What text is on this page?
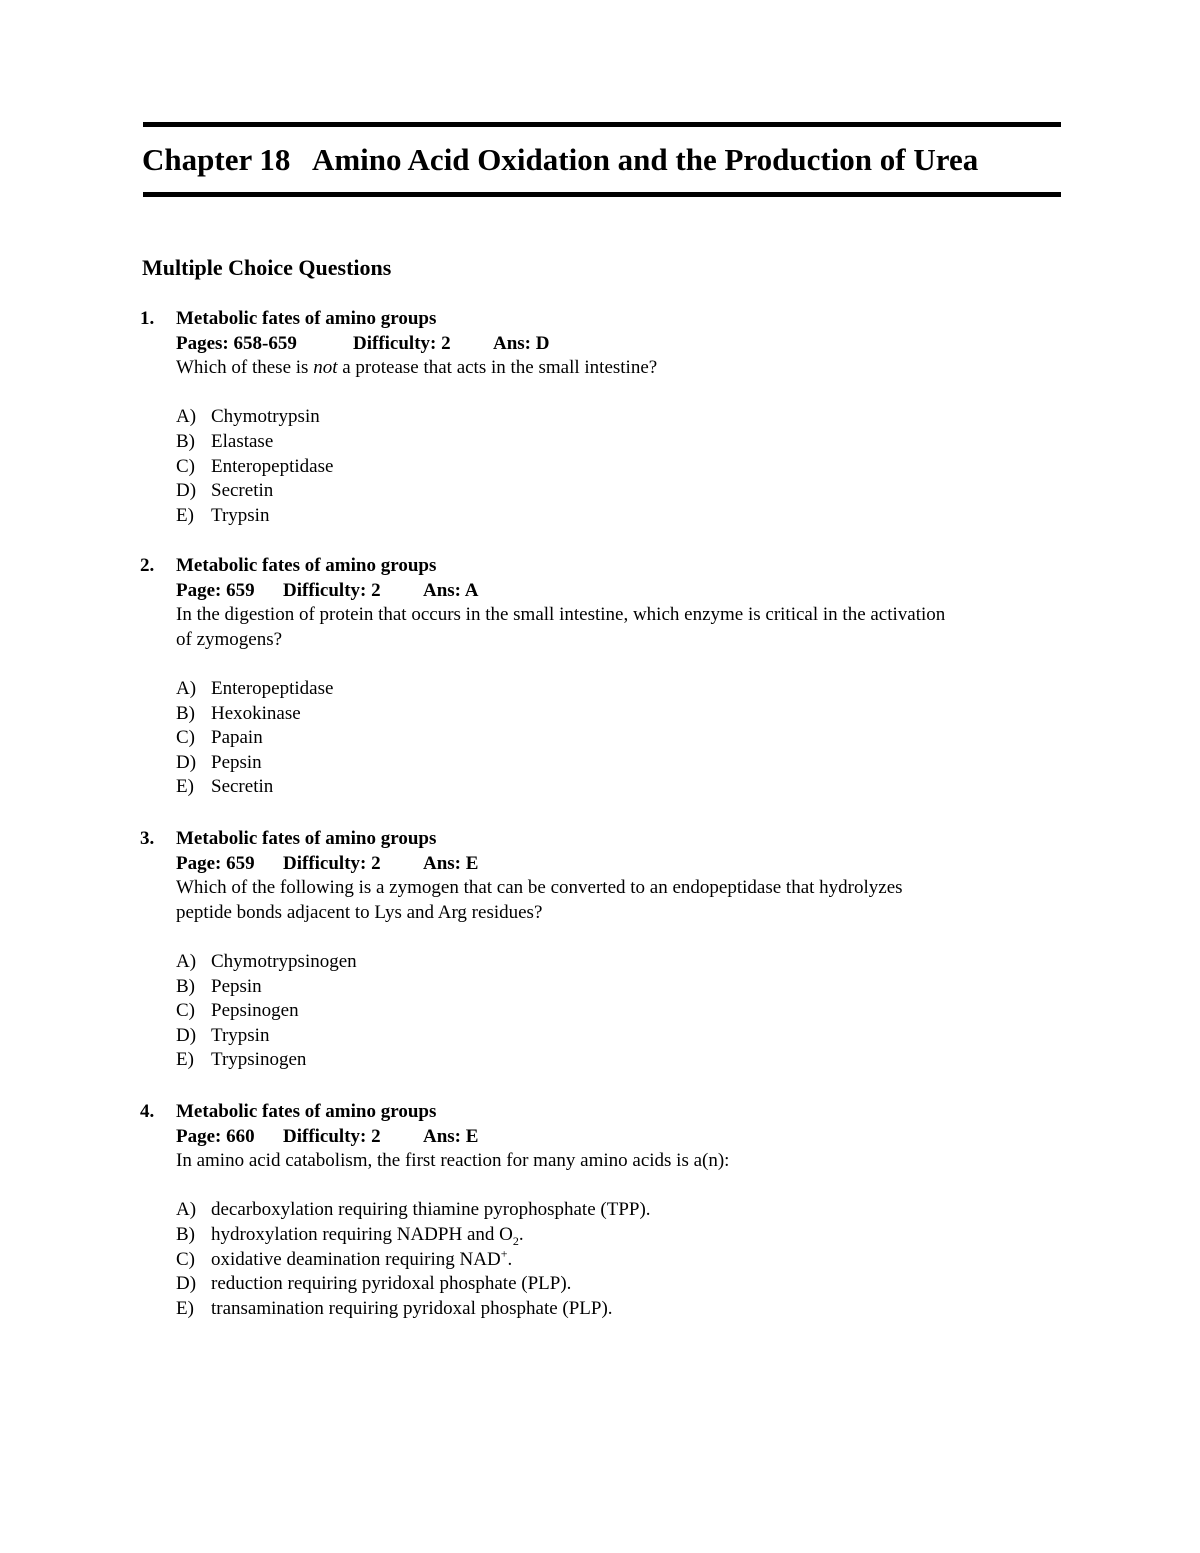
Chapter 18   Amino Acid Oxidation and the Production of Urea
Multiple Choice Questions
1. Metabolic fates of amino groups
Pages: 658-659	Difficulty: 2 Ans: D
Which of these is not a protease that acts in the small intestine?
A) Chymotrypsin
B) Elastase
C) Enteropeptidase
D) Secretin
E) Trypsin
2. Metabolic fates of amino groups
Page: 659 Difficulty: 2 Ans: A
In the digestion of protein that occurs in the small intestine, which enzyme is critical in the activation
of zymogens?
A) Enteropeptidase
B) Hexokinase
C) Papain
D) Pepsin
E) Secretin
3. Metabolic fates of amino groups
Page: 659 Difficulty: 2 Ans: E
Which of the following is a zymogen that can be converted to an endopeptidase that hydrolyzes
peptide bonds adjacent to Lys and Arg residues?
A) Chymotrypsinogen
B) Pepsin
C) Pepsinogen
D) Trypsin
E) Trypsinogen
4. Metabolic fates of amino groups
Page: 660 Difficulty: 2 Ans: E
In amino acid catabolism, the first reaction for many amino acids is a(n):
A) decarboxylation requiring thiamine pyrophosphate (TPP).
B) hydroxylation requiring NADPH and $O_2$.
C) oxidative deamination requiring NAD+.
D) reduction requiring pyridoxal phosphate (PLP).
E) transamination requiring pyridoxal phosphate (PLP).
